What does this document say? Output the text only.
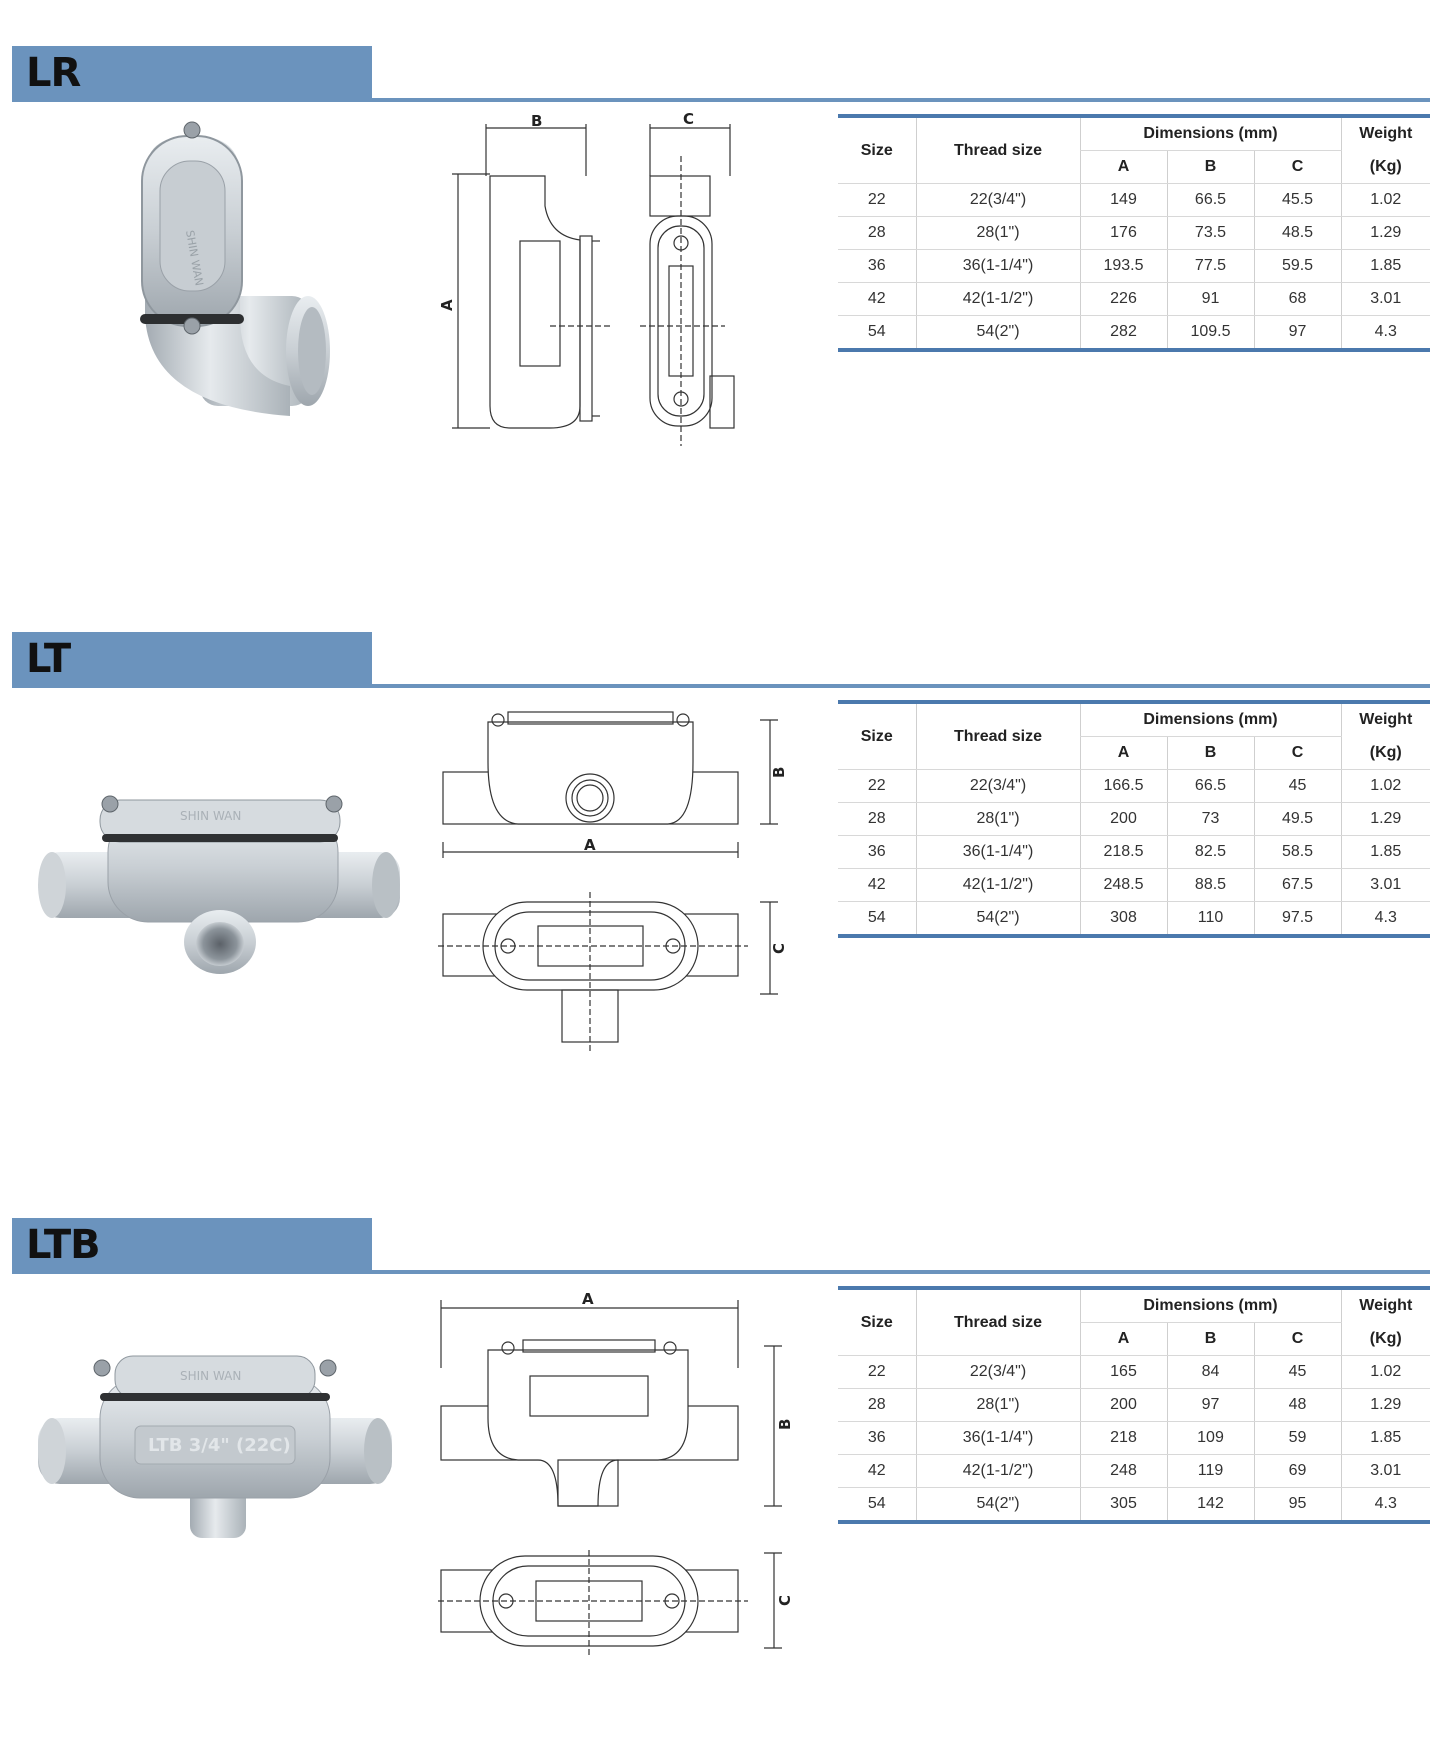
LR
SHIN WAN
B	C
A
Size	Thread size	Dimensions (mm)			Weight
		A	B	C	(Kg)
22	22(3/4")	149	66.5	45.5	1.02
28	28(1")	176	73.5	48.5	1.29
36	36(1-1/4")	193.5	77.5	59.5	1.85
42	42(1-1/2")	226	91	68	3.01
54	54(2")	282	109.5	97	4.3
LT
SHIN WAN
A
B
C
Size	Thread size	Dimensions (mm)			Weight
		A	B	C	(Kg)
22	22(3/4")	166.5	66.5	45	1.02
28	28(1")	200	73	49.5	1.29
36	36(1-1/4")	218.5	82.5	58.5	1.85
42	42(1-1/2")	248.5	88.5	67.5	3.01
54	54(2")	308	110	97.5	4.3
LTB
LTB 3/4" (22C)
SHIN WAN
A
B
C
Size	Thread size	Dimensions (mm)			Weight
		A	B	C	(Kg)
22	22(3/4")	165	84	45	1.02
28	28(1")	200	97	48	1.29
36	36(1-1/4")	218	109	59	1.85
42	42(1-1/2")	248	119	69	3.01
54	54(2")	305	142	95	4.3
